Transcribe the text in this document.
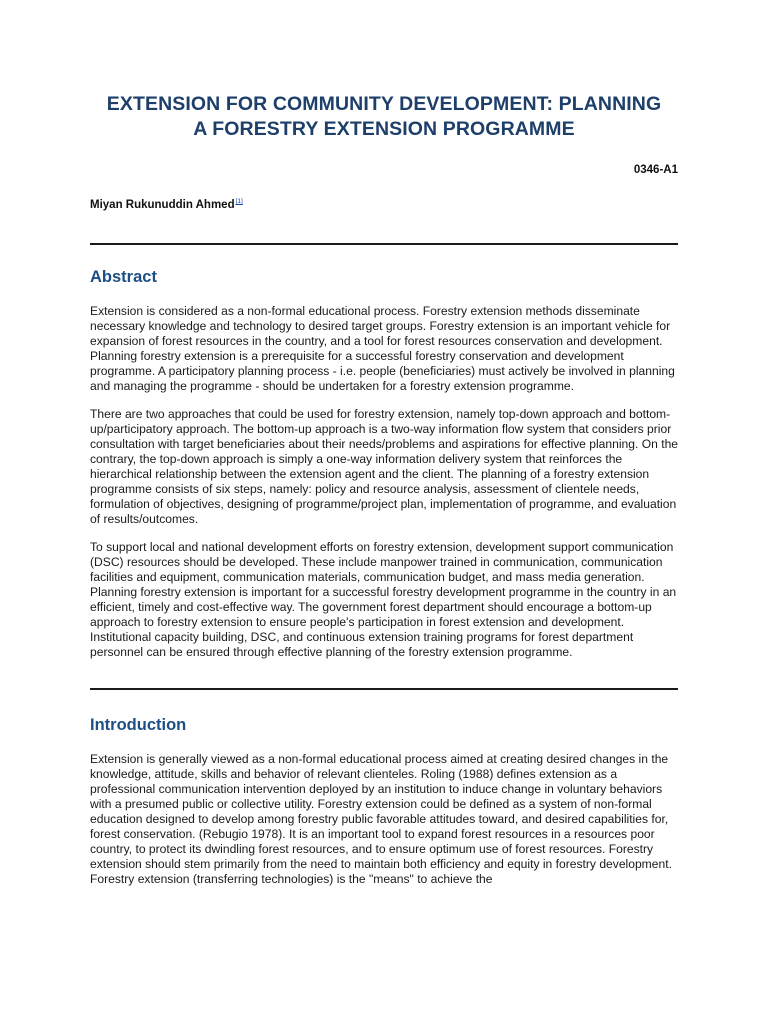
EXTENSION FOR COMMUNITY DEVELOPMENT: PLANNING
A FORESTRY EXTENSION PROGRAMME
0346-A1
Miyan Rukunuddin Ahmed[1]
Abstract

Extension is considered as a non-formal educational process. Forestry extension methods disseminate necessary knowledge and technology to desired target groups. Forestry extension is an important vehicle for expansion of forest resources in the country, and a tool for forest resources conservation and development. Planning forestry extension is a prerequisite for a successful forestry conservation and development programme. A participatory planning process - i.e. people (beneficiaries) must actively be involved in planning and managing the programme - should be undertaken for a forestry extension programme.

There are two approaches that could be used for forestry extension, namely top-down approach and bottom-up/participatory approach. The bottom-up approach is a two-way information flow system that considers prior consultation with target beneficiaries about their needs/problems and aspirations for effective planning. On the contrary, the top-down approach is simply a one-way information delivery system that reinforces the hierarchical relationship between the extension agent and the client. The planning of a forestry extension programme consists of six steps, namely: policy and resource analysis, assessment of clientele needs, formulation of objectives, designing of programme/project plan, implementation of programme, and evaluation of results/outcomes.

To support local and national development efforts on forestry extension, development support communication (DSC) resources should be developed. These include manpower trained in communication, communication facilities and equipment, communication materials, communication budget, and mass media generation. Planning forestry extension is important for a successful forestry development programme in the country in an efficient, timely and cost-effective way. The government forest department should encourage a bottom-up approach to forestry extension to ensure people's participation in forest extension and development. Institutional capacity building, DSC, and continuous extension training programs for forest department personnel can be ensured through effective planning of the forestry extension programme.

Introduction

Extension is generally viewed as a non-formal educational process aimed at creating desired changes in the knowledge, attitude, skills and behavior of relevant clienteles. Roling (1988) defines extension as a professional communication intervention deployed by an institution to induce change in voluntary behaviors with a presumed public or collective utility. Forestry extension could be defined as a system of non-formal education designed to develop among forestry public favorable attitudes toward, and desired capabilities for, forest conservation. (Rebugio 1978). It is an important tool to expand forest resources in a resources poor country, to protect its dwindling forest resources, and to ensure optimum use of forest resources. Forestry extension should stem primarily from the need to maintain both efficiency and equity in forestry development. Forestry extension (transferring technologies) is the "means" to achieve the
